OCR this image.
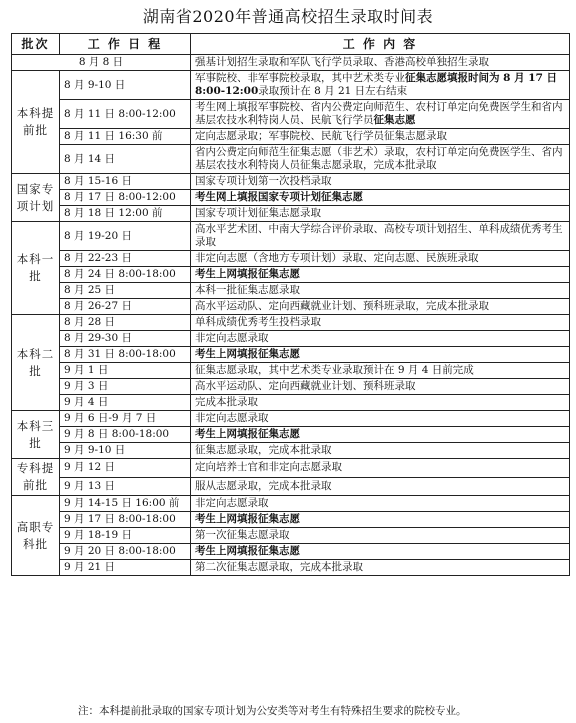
湖南省2020年普通高校招生录取时间表
批次	工 作 日 程	工 作 内 容
8 月 8 日		强基计划招生录取和军队飞行学员录取、香港高校单独招生录取
本科提前批	8 月 9-10 日	军事院校、非军事院校录取，其中艺术类专业征集志愿填报时间为 8 月 17 日 8:00-12:00录取预计在 8 月 21 日左右结束
	8 月 11 日 8:00-12:00	考生网上填报军事院校、省内公费定向师范生、农村订单定向免费医学生和省内基层农技水利特岗人员、民航飞行学员征集志愿
	8 月 11 日 16:30 前	定向志愿录取；军事院校、民航飞行学员征集志愿录取
	8 月 14 日	省内公费定向师范生征集志愿（非艺术）录取，农村订单定向免费医学生、省内基层农技水利特岗人员征集志愿录取，完成本批录取
国家专项计划	8 月 15-16 日	国家专项计划第一次投档录取
	8 月 17 日 8:00-12:00	考生网上填报国家专项计划征集志愿
	8 月 18 日 12:00 前	国家专项计划征集志愿录取
本科一批	8 月 19-20 日	高水平艺术团、中南大学综合评价录取、高校专项计划招生、单科成绩优秀考生录取
	8 月 22-23 日	非定向志愿（含地方专项计划）录取、定向志愿、民族班录取
	8 月 24 日 8:00-18:00	考生上网填报征集志愿
	8 月 25 日	本科一批征集志愿录取
	8 月 26-27 日	高水平运动队、定向西藏就业计划、预科班录取，完成本批录取
本科二批	8 月 28 日	单科成绩优秀考生投档录取
	8 月 29-30 日	非定向志愿录取
	8 月 31 日 8:00-18:00	考生上网填报征集志愿
	9 月 1 日	征集志愿录取，其中艺术类专业录取预计在 9 月 4 日前完成
	9 月 3 日	高水平运动队、定向西藏就业计划、预科班录取
	9 月 4 日	完成本批录取
本科三批	9 月 6 日-9 月 7 日	非定向志愿录取
	9 月 8 日 8:00-18:00	考生上网填报征集志愿
	9 月 9-10 日	征集志愿录取，完成本批录取
专科提前批	9 月 12 日	定向培养士官和非定向志愿录取
	9 月 13 日	服从志愿录取，完成本批录取
高职专科批	9 月 14-15 日 16:00 前	非定向志愿录取
	9 月 17 日 8:00-18:00	考生上网填报征集志愿
	9 月 18-19 日	第一次征集志愿录取
	9 月 20 日 8:00-18:00	考生上网填报征集志愿
	9 月 21 日	第二次征集志愿录取，完成本批录取
注：本科提前批录取的国家专项计划为公安类等对考生有特殊招生要求的院校专业。
